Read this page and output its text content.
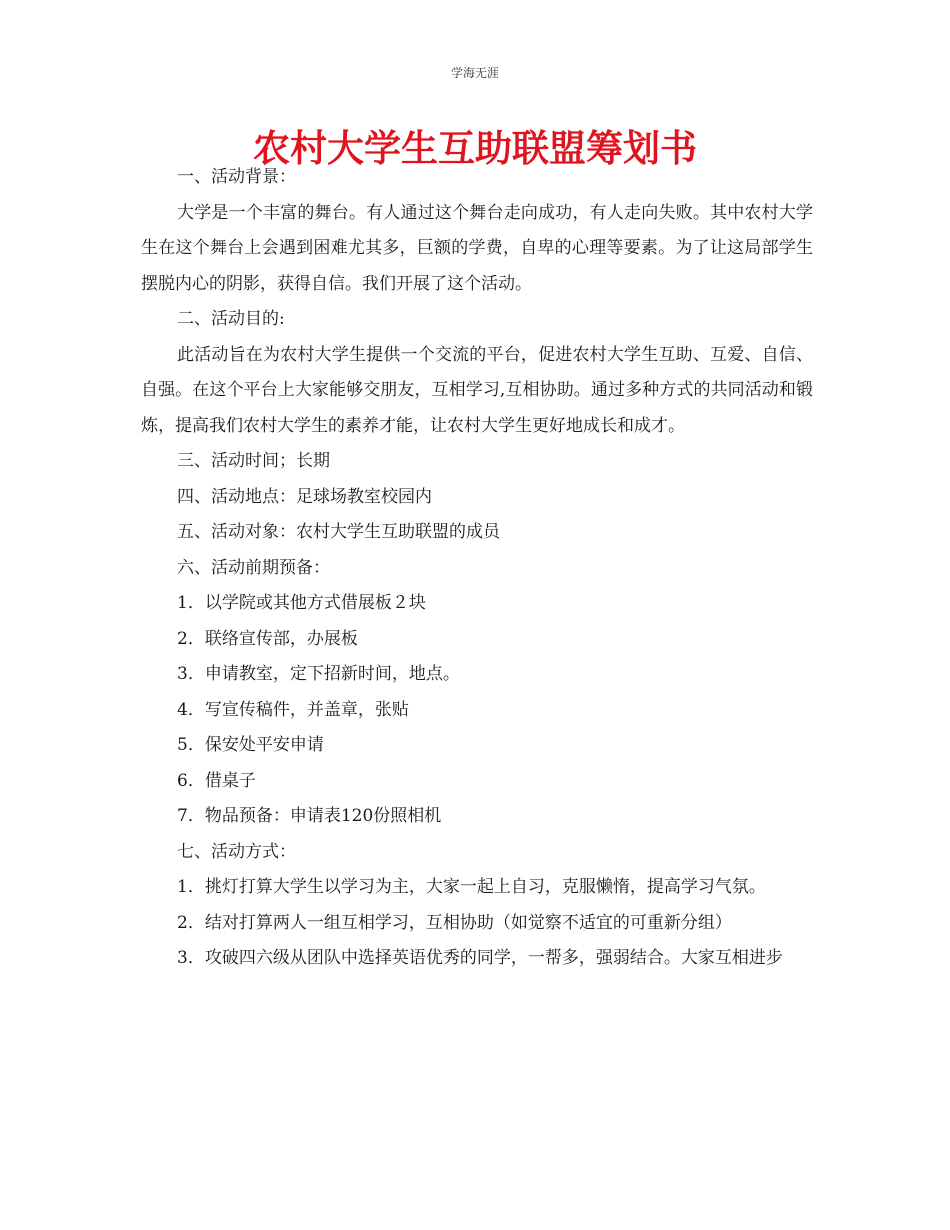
学海无涯
农村大学生互助联盟筹划书

一、活动背景：

大学是一个丰富的舞台。有人通过这个舞台走向成功，有人走向失败。其中农村大学生在这个舞台上会遇到困难尤其多，巨额的学费，自卑的心理等要素。为了让这局部学生摆脱内心的阴影，获得自信。我们开展了这个活动。

二、活动目的:

此活动旨在为农村大学生提供一个交流的平台，促进农村大学生互助、互爱、自信、自强。在这个平台上大家能够交朋友，互相学习,互相协助。通过多种方式的共同活动和锻炼，提高我们农村大学生的素养才能，让农村大学生更好地成长和成才。

三、活动时间；长期

四、活动地点：足球场教室校园内

五、活动对象：农村大学生互助联盟的成员

六、活动前期预备：

1．以学院或其他方式借展板２块

2．联络宣传部，办展板

3．申请教室，定下招新时间，地点。

4．写宣传稿件，并盖章，张贴

5．保安处平安申请

6．借桌子

7．物品预备：申请表120份照相机

七、活动方式：

1．挑灯打算大学生以学习为主，大家一起上自习，克服懒惰，提高学习气氛。

2．结对打算两人一组互相学习，互相协助（如觉察不适宜的可重新分组）

3．攻破四六级从团队中选择英语优秀的同学，一帮多，强弱结合。大家互相进步
